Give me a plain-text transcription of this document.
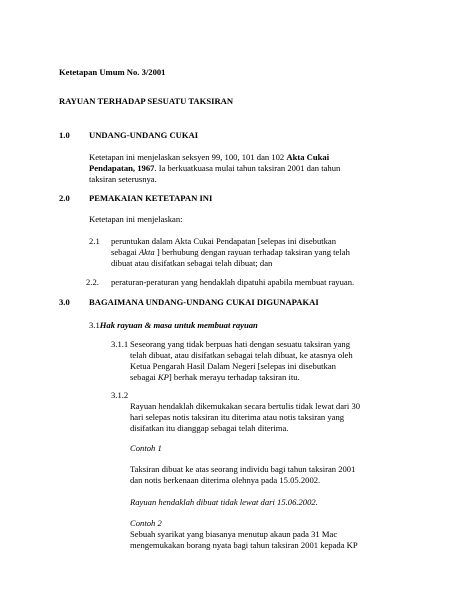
Ketetapan Umum No. 3/2001
RAYUAN TERHADAP SESUATU TAKSIRAN
1.0 UNDANG-UNDANG CUKAI
Ketetapan ini menjelaskan seksyen 99, 100, 101 dan 102 Akta Cukai
Pendapatan, 1967. Ia berkuatkuasa mulai tahun taksiran 2001 dan tahun
taksiran seterusnya.
2.0 PEMAKAIAN KETETAPAN INI
Ketetapan ini menjelaskan:
2.1 peruntukan dalam Akta Cukai Pendapatan [selepas ini disebutkan
sebagai Akta ] berhubung dengan rayuan terhadap taksiran yang telah
dibuat atau disifatkan sebagai telah dibuat; dan
2.2. peraturan-peraturan yang hendaklah dipatuhi apabila membuat rayuan.
3.0 BAGAIMANA UNDANG-UNDANG CUKAI DIGUNAPAKAI
3.1Hak rayuan & masa untuk membuat rayuan
3.1.1 Seseorang yang tidak berpuas hati dengan sesuatu taksiran yang
telah dibuat, atau disifatkan sebagai telah dibuat, ke atasnya oleh
Ketua Pengarah Hasil Dalam Negeri [selepas ini disebutkan
sebagai KP] berhak merayu terhadap taksiran itu.
3.1.2
Rayuan hendaklah dikemukakan secara bertulis tidak lewat dari 30
hari selepas notis taksiran itu diterima atau notis taksiran yang
disifatkan itu dianggap sebagai telah diterima.
Contoh 1
Taksiran dibuat ke atas seorang individu bagi tahun taksiran 2001
dan notis berkenaan diterima olehnya pada 15.05.2002.
Rayuan hendaklah dibuat tidak lewat dari 15.06.2002.
Contoh 2
Sebuah syarikat yang biasanya menutup akaun pada 31 Mac
mengemukakan borang nyata bagi tahun taksiran 2001 kepada KP
